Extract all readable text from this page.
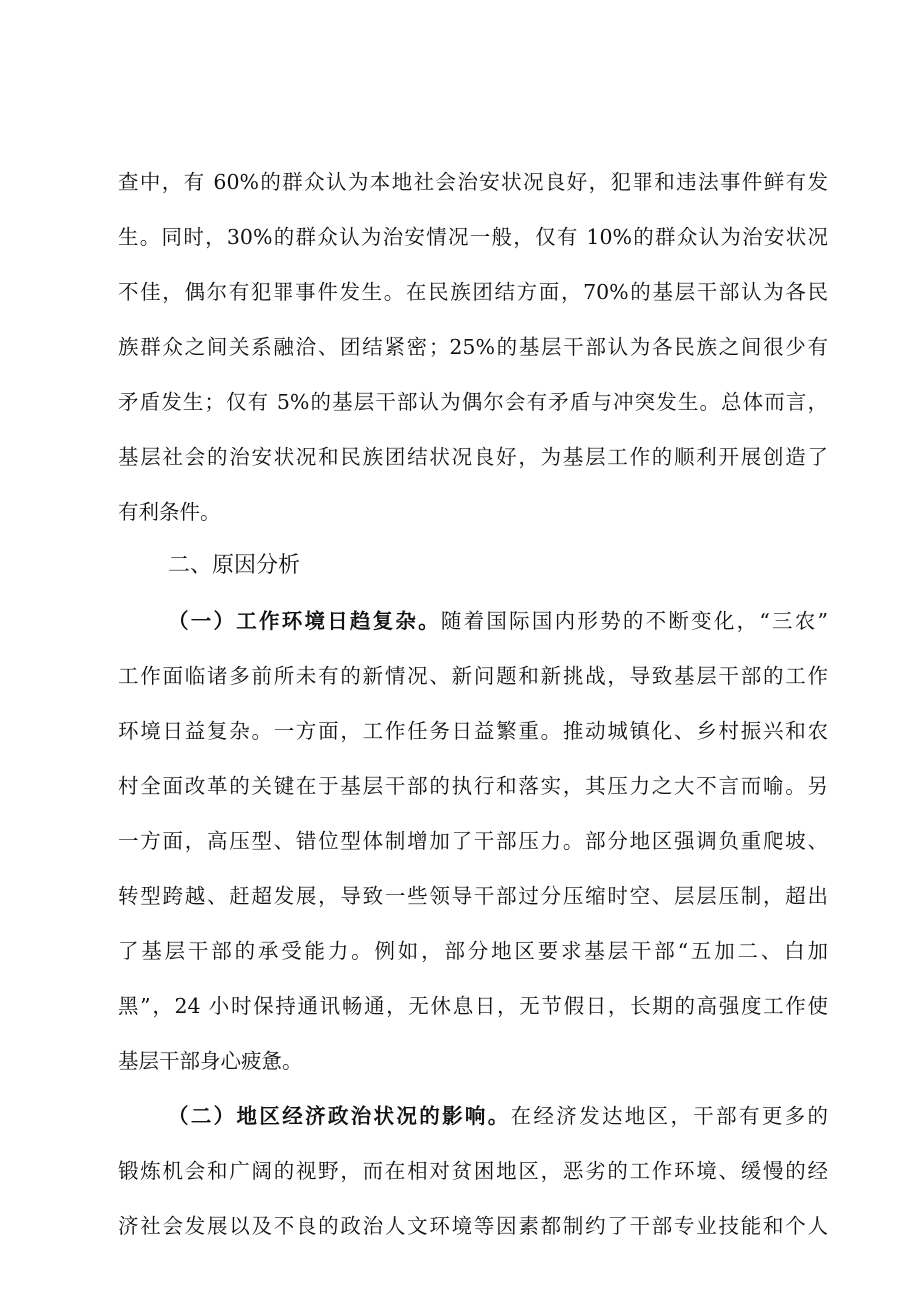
查中，有 60%的群众认为本地社会治安状况良好，犯罪和违法事件鲜有发
生。同时，30%的群众认为治安情况一般，仅有 10%的群众认为治安状况
不佳，偶尔有犯罪事件发生。在民族团结方面，70%的基层干部认为各民
族群众之间关系融洽、团结紧密；25%的基层干部认为各民族之间很少有
矛盾发生；仅有 5%的基层干部认为偶尔会有矛盾与冲突发生。总体而言，
基层社会的治安状况和民族团结状况良好，为基层工作的顺利开展创造了
有利条件。
二、原因分析
（一）工作环境日趋复杂。随着国际国内形势的不断变化，“三农”
工作面临诸多前所未有的新情况、新问题和新挑战，导致基层干部的工作
环境日益复杂。一方面，工作任务日益繁重。推动城镇化、乡村振兴和农
村全面改革的关键在于基层干部的执行和落实，其压力之大不言而喻。另
一方面，高压型、错位型体制增加了干部压力。部分地区强调负重爬坡、
转型跨越、赶超发展，导致一些领导干部过分压缩时空、层层压制，超出
了基层干部的承受能力。例如，部分地区要求基层干部“五加二、白加
黑”，24 小时保持通讯畅通，无休息日，无节假日，长期的高强度工作使
基层干部身心疲惫。
（二）地区经济政治状况的影响。在经济发达地区，干部有更多的
锻炼机会和广阔的视野，而在相对贫困地区，恶劣的工作环境、缓慢的经
济社会发展以及不良的政治人文环境等因素都制约了干部专业技能和个人
